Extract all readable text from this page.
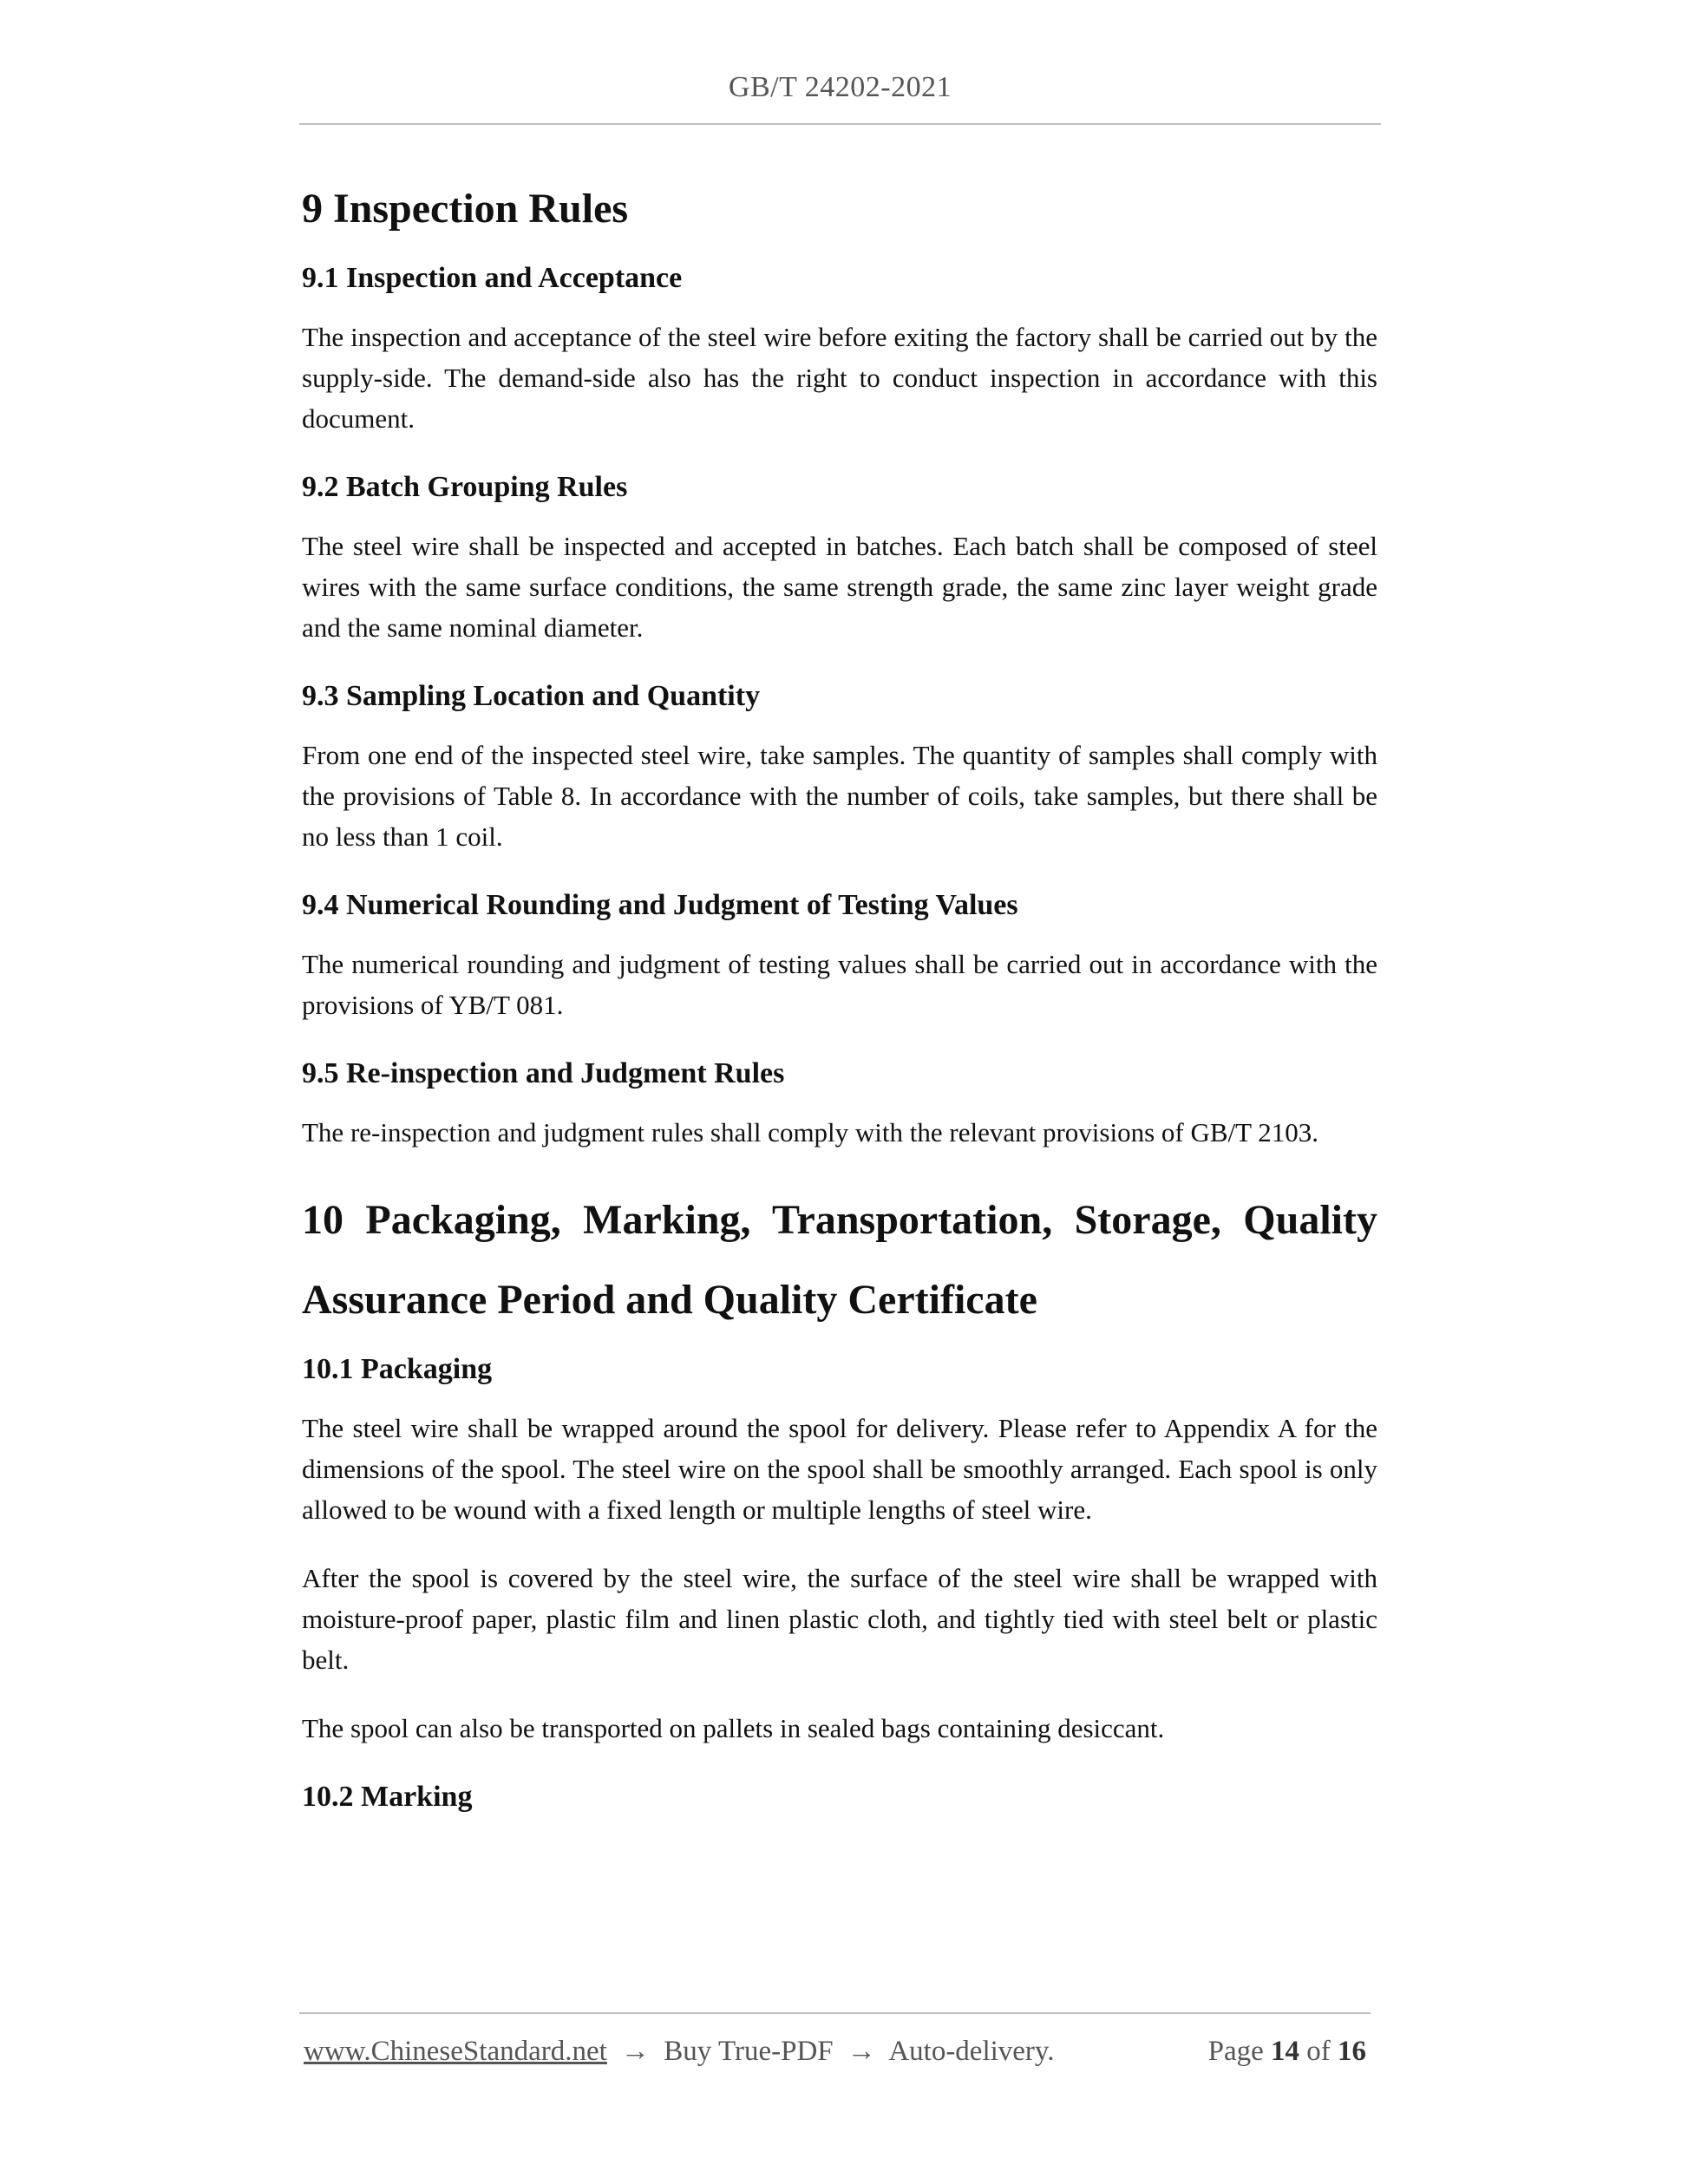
GB/T 24202-2021
9 Inspection Rules
9.1 Inspection and Acceptance

The inspection and acceptance of the steel wire before exiting the factory shall be carried out by the supply-side. The demand-side also has the right to conduct inspection in accordance with this document.

9.2 Batch Grouping Rules

The steel wire shall be inspected and accepted in batches. Each batch shall be composed of steel wires with the same surface conditions, the same strength grade, the same zinc layer weight grade and the same nominal diameter.

9.3 Sampling Location and Quantity

From one end of the inspected steel wire, take samples. The quantity of samples shall comply with the provisions of Table 8. In accordance with the number of coils, take samples, but there shall be no less than 1 coil.

9.4 Numerical Rounding and Judgment of Testing Values

The numerical rounding and judgment of testing values shall be carried out in accordance with the provisions of YB/T 081.

9.5 Re-inspection and Judgment Rules

The re-inspection and judgment rules shall comply with the relevant provisions of GB/T 2103.

10 Packaging, Marking, Transportation, Storage, Quality Assurance Period and Quality Certificate
10.1 Packaging

The steel wire shall be wrapped around the spool for delivery. Please refer to Appendix A for the dimensions of the spool. The steel wire on the spool shall be smoothly arranged. Each spool is only allowed to be wound with a fixed length or multiple lengths of steel wire.

After the spool is covered by the steel wire, the surface of the steel wire shall be wrapped with moisture-proof paper, plastic film and linen plastic cloth, and tightly tied with steel belt or plastic belt.

The spool can also be transported on pallets in sealed bags containing desiccant.

10.2 Marking
www.ChineseStandard.net → Buy True-PDF → Auto-delivery.	Page 14 of 16
